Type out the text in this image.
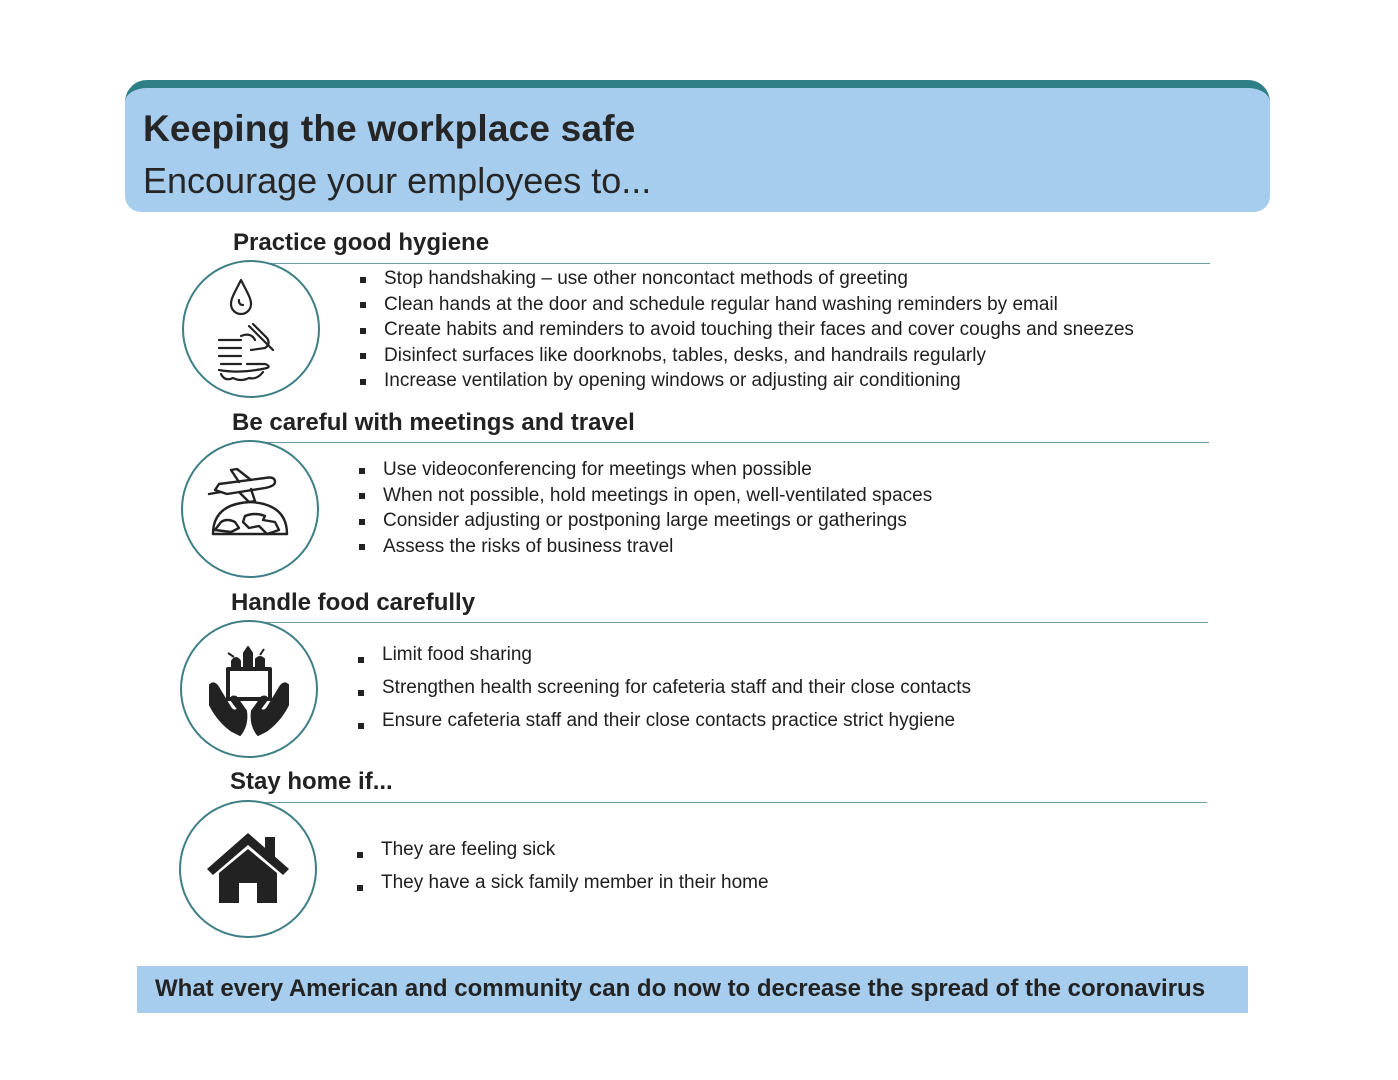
Keeping the workplace safe
Encourage your employees to...
Practice good hygiene
Stop handshaking – use other noncontact methods of greeting
Clean hands at the door and schedule regular hand washing reminders by email
Create habits and reminders to avoid touching their faces and cover coughs and sneezes
Disinfect surfaces like doorknobs, tables, desks, and handrails regularly
Increase ventilation by opening windows or adjusting air conditioning
Be careful with meetings and travel
Use videoconferencing for meetings when possible
When not possible, hold meetings in open, well-ventilated spaces
Consider adjusting or postponing large meetings or gatherings
Assess the risks of business travel
Handle food carefully
Limit food sharing
Strengthen health screening for cafeteria staff and their close contacts
Ensure cafeteria staff and their close contacts practice strict hygiene
Stay home if...
They are feeling sick
They have a sick family member in their home
What every American and community can do now to decrease the spread of the coronavirus
